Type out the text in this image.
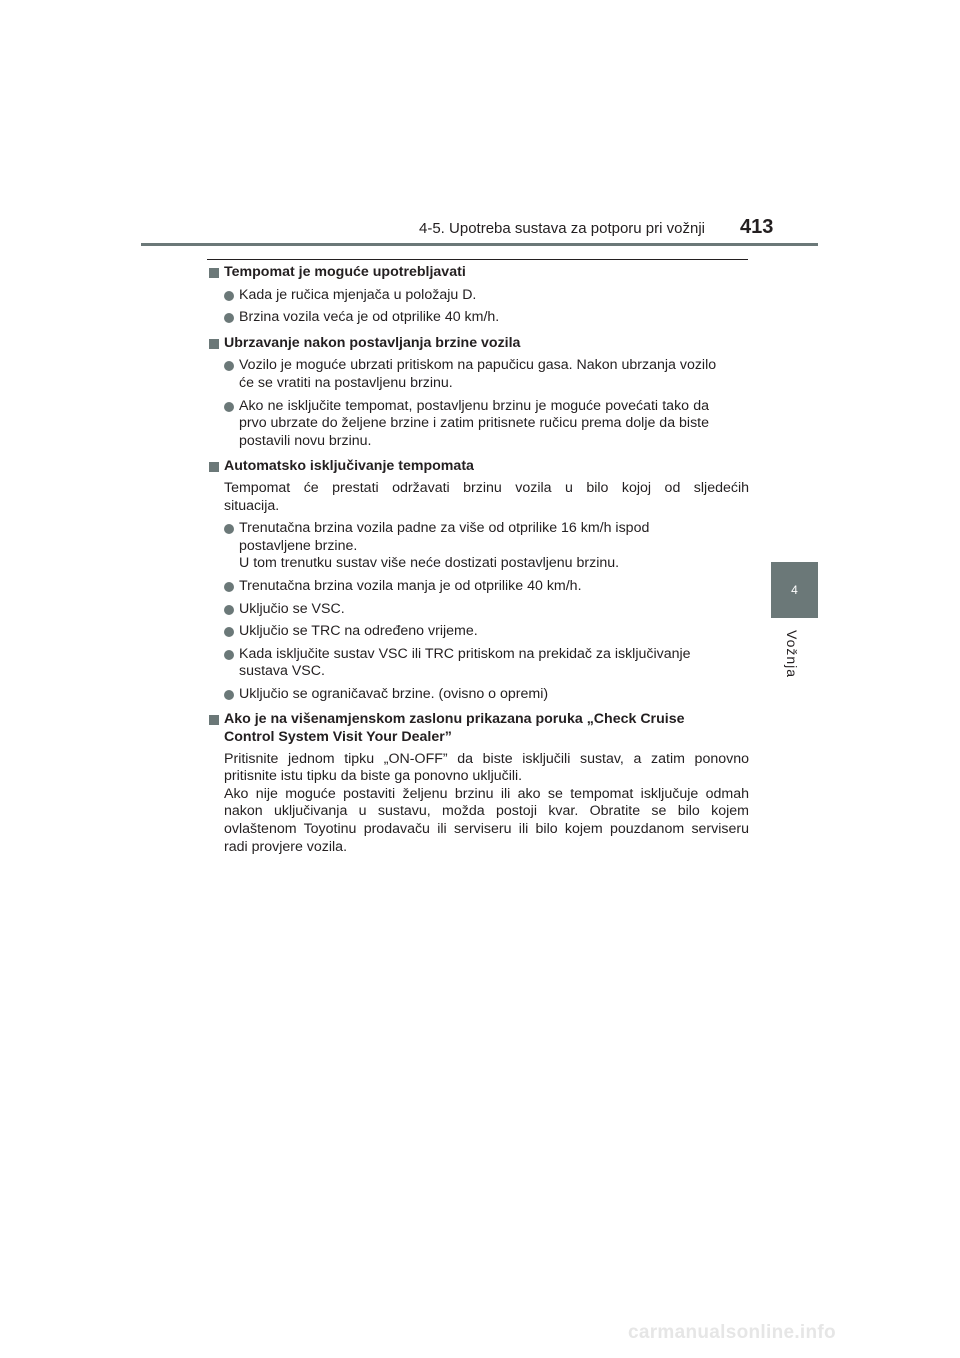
4-5. Upotreba sustava za potporu pri vožnji 413
4
Vožnja
Tempomat je moguće upotrebljavati
Kada je ručica mjenjača u položaju D.
Brzina vozila veća je od otprilike 40 km/h.
Ubrzavanje nakon postavljanja brzine vozila
Vozilo je moguće ubrzati pritiskom na papučicu gasa. Nakon ubrzanja vozilo
će se vratiti na postavljenu brzinu.
Ako ne isključite tempomat, postavljenu brzinu je moguće povećati tako da
prvo ubrzate do željene brzine i zatim pritisnete ručicu prema dolje da biste
postavili novu brzinu.
Automatsko isključivanje tempomata
Tempomat će prestati održavati brzinu vozila u bilo kojoj od sljedećih
situacija.
Trenutačna brzina vozila padne za više od otprilike 16 km/h ispod
postavljene brzine.
U tom trenutku sustav više neće dostizati postavljenu brzinu.
Trenutačna brzina vozila manja je od otprilike 40 km/h.
Uključio se VSC.
Uključio se TRC na određeno vrijeme.
Kada isključite sustav VSC ili TRC pritiskom na prekidač za isključivanje
sustava VSC.
Uključio se ograničavač brzine. (ovisno o opremi)
Ako je na višenamjenskom zaslonu prikazana poruka „Check Cruise
Control System Visit Your Dealer”
Pritisnite jednom tipku „ON-OFF” da biste isključili sustav, a zatim ponovno
pritisnite istu tipku da biste ga ponovno uključili.
Ako nije moguće postaviti željenu brzinu ili ako se tempomat isključuje odmah
nakon uključivanja u sustavu, možda postoji kvar. Obratite se bilo kojem
ovlaštenom Toyotinu prodavaču ili serviseru ili bilo kojem pouzdanom serviseru
radi provjere vozila.
carmanualsonline.info
